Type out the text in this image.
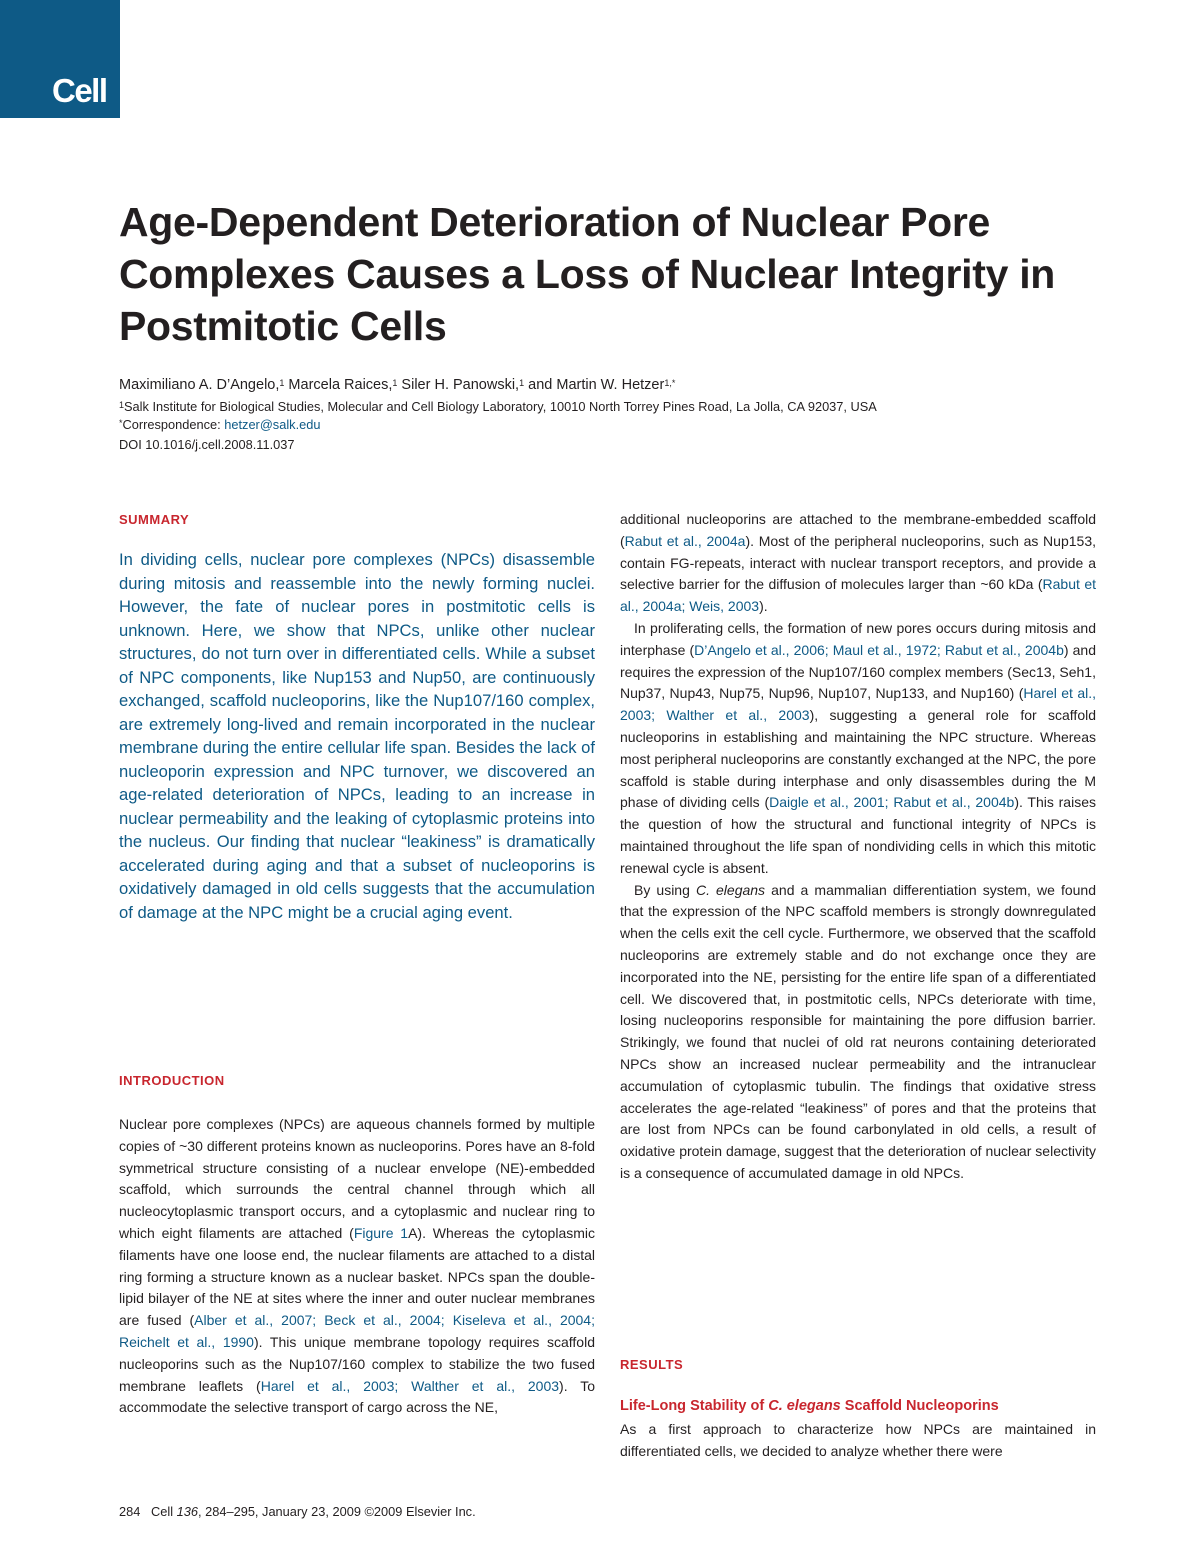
Cell
Age-Dependent Deterioration of Nuclear Pore Complexes Causes a Loss of Nuclear Integrity in Postmitotic Cells
Maximiliano A. D’Angelo,$^1$ Marcela Raices,$^1$ Siler H. Panowski,$^1$ and Martin W. Hetzer$^{1,*}$
$^1$Salk Institute for Biological Studies, Molecular and Cell Biology Laboratory, 10010 North Torrey Pines Road, La Jolla, CA 92037, USA
*Correspondence: hetzer@salk.edu
DOI 10.1016/j.cell.2008.11.037
SUMMARY
In dividing cells, nuclear pore complexes (NPCs) disassemble during mitosis and reassemble into the newly forming nuclei. However, the fate of nuclear pores in postmitotic cells is unknown. Here, we show that NPCs, unlike other nuclear structures, do not turn over in differentiated cells. While a subset of NPC components, like Nup153 and Nup50, are continuously exchanged, scaffold nucleoporins, like the Nup107/160 complex, are extremely long-lived and remain incorporated in the nuclear membrane during the entire cellular life span. Besides the lack of nucleoporin expression and NPC turnover, we discovered an age-related deterioration of NPCs, leading to an increase in nuclear permeability and the leaking of cytoplasmic proteins into the nucleus. Our finding that nuclear “leakiness” is dramatically accelerated during aging and that a subset of nucleoporins is oxidatively damaged in old cells suggests that the accumulation of damage at the NPC might be a crucial aging event.
INTRODUCTION

Nuclear pore complexes (NPCs) are aqueous channels formed by multiple copies of ~30 different proteins known as nucleoporins. Pores have an 8-fold symmetrical structure consisting of a nuclear envelope (NE)-embedded scaffold, which surrounds the central channel through which all nucleocytoplasmic transport occurs, and a cytoplasmic and nuclear ring to which eight filaments are attached (Figure 1A). Whereas the cytoplasmic filaments have one loose end, the nuclear filaments are attached to a distal ring forming a structure known as a nuclear basket. NPCs span the double-lipid bilayer of the NE at sites where the inner and outer nuclear membranes are fused (Alber et al., 2007; Beck et al., 2004; Kiseleva et al., 2004; Reichelt et al., 1990). This unique membrane topology requires scaffold nucleoporins such as the Nup107/160 complex to stabilize the two fused membrane leaflets (Harel et al., 2003; Walther et al., 2003). To accommodate the selective transport of cargo across the NE,

additional nucleoporins are attached to the membrane-embedded scaffold (Rabut et al., 2004a). Most of the peripheral nucleoporins, such as Nup153, contain FG-repeats, interact with nuclear transport receptors, and provide a selective barrier for the diffusion of molecules larger than ~60 kDa (Rabut et al., 2004a; Weis, 2003).

In proliferating cells, the formation of new pores occurs during mitosis and interphase (D’Angelo et al., 2006; Maul et al., 1972; Rabut et al., 2004b) and requires the expression of the Nup107/160 complex members (Sec13, Seh1, Nup37, Nup43, Nup75, Nup96, Nup107, Nup133, and Nup160) (Harel et al., 2003; Walther et al., 2003), suggesting a general role for scaffold nucleoporins in establishing and maintaining the NPC structure. Whereas most peripheral nucleoporins are constantly exchanged at the NPC, the pore scaffold is stable during interphase and only disassembles during the M phase of dividing cells (Daigle et al., 2001; Rabut et al., 2004b). This raises the question of how the structural and functional integrity of NPCs is maintained throughout the life span of nondividing cells in which this mitotic renewal cycle is absent.

By using C. elegans and a mammalian differentiation system, we found that the expression of the NPC scaffold members is strongly downregulated when the cells exit the cell cycle. Furthermore, we observed that the scaffold nucleoporins are extremely stable and do not exchange once they are incorporated into the NE, persisting for the entire life span of a differentiated cell. We discovered that, in postmitotic cells, NPCs deteriorate with time, losing nucleoporins responsible for maintaining the pore diffusion barrier. Strikingly, we found that nuclei of old rat neurons containing deteriorated NPCs show an increased nuclear permeability and the intranuclear accumulation of cytoplasmic tubulin. The findings that oxidative stress accelerates the age-related “leakiness” of pores and that the proteins that are lost from NPCs can be found carbonylated in old cells, a result of oxidative protein damage, suggest that the deterioration of nuclear selectivity is a consequence of accumulated damage in old NPCs.

RESULTS
Life-Long Stability of C. elegans Scaffold Nucleoporins
As a first approach to characterize how NPCs are maintained in differentiated cells, we decided to analyze whether there were
284 Cell 136, 284–295, January 23, 2009 ©2009 Elsevier Inc.
